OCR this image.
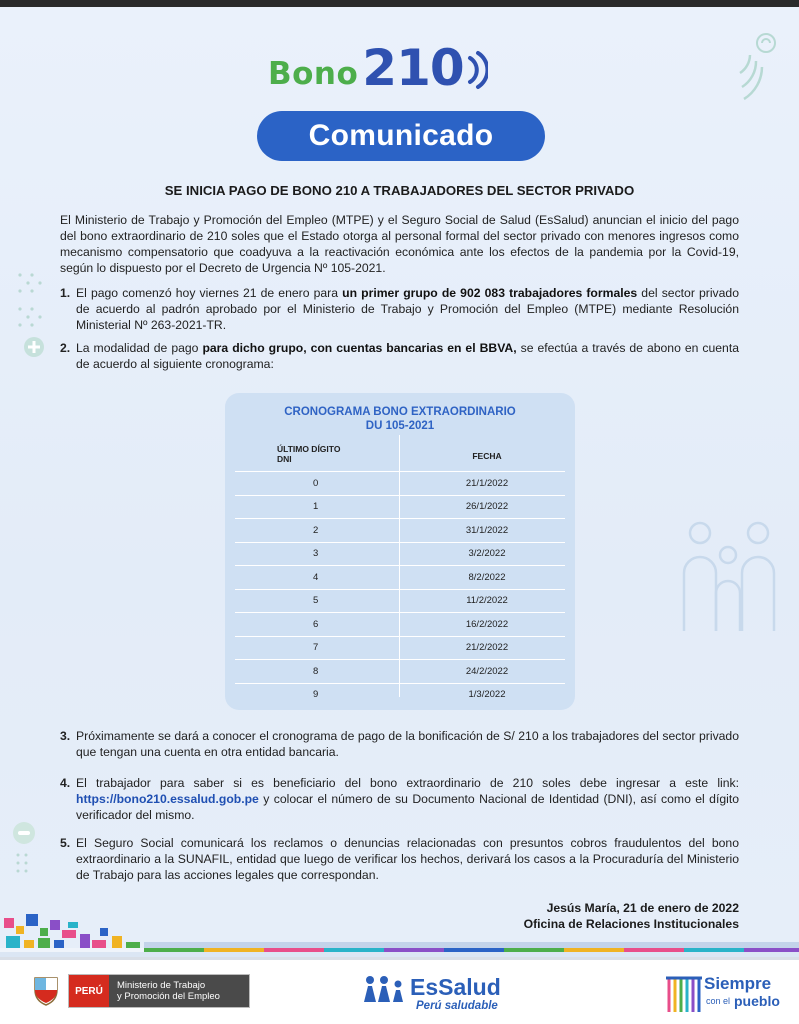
Bono 210
Comunicado
SE INICIA PAGO DE BONO 210 A TRABAJADORES DEL SECTOR PRIVADO

El Ministerio de Trabajo y Promoción del Empleo (MTPE) y el Seguro Social de Salud (EsSalud) anuncian el inicio del pago del bono extraordinario de 210 soles que el Estado otorga al personal formal del sector privado con menores ingresos como mecanismo compensatorio que coadyuva a la reactivación económica ante los efectos de la pandemia por la Covid-19, según lo dispuesto por el Decreto de Urgencia Nº 105-2021.

1. El pago comenzó hoy viernes 21 de enero para un primer grupo de 902 083 trabajadores formales del sector privado de acuerdo al padrón aprobado por el Ministerio de Trabajo y Promoción del Empleo (MTPE) mediante Resolución Ministerial Nº 263-2021-TR.
2. La modalidad de pago para dicho grupo, con cuentas bancarias en el BBVA, se efectúa a través de abono en cuenta de acuerdo al siguiente cronograma:
CRONOGRAMA BONO EXTRAORDINARIO
DU 105-2021
ÚLTIMO DÍGITO
DNI	FECHA
0	21/1/2022
1	26/1/2022
2	31/1/2022
3	3/2/2022
4	8/2/2022
5	11/2/2022
6	16/2/2022
7	21/2/2022
8	24/2/2022
9	1/3/2022
3. Próximamente se dará a conocer el cronograma de pago de la bonificación de S/ 210 a los trabajadores del sector privado que tengan una cuenta en otra entidad bancaria.
4. El trabajador para saber si es beneficiario del bono extraordinario de 210 soles debe ingresar a este link: https://bono210.essalud.gob.pe y colocar el número de su Documento Nacional de Identidad (DNI), así como el dígito verificador del mismo.
5. El Seguro Social comunicará los reclamos o denuncias relacionadas con presuntos cobros fraudulentos del bono extraordinario a la SUNAFIL, entidad que luego de verificar los hechos, derivará los casos a la Procuraduría del Ministerio de Trabajo para las acciones legales que correspondan.
Jesús María, 21 de enero de 2022
Oficina de Relaciones Institucionales
PERÚ	Ministerio de Trabajo
y Promoción del Empleo	EsSalud
Perú saludable
Siempre
con el pueblo
